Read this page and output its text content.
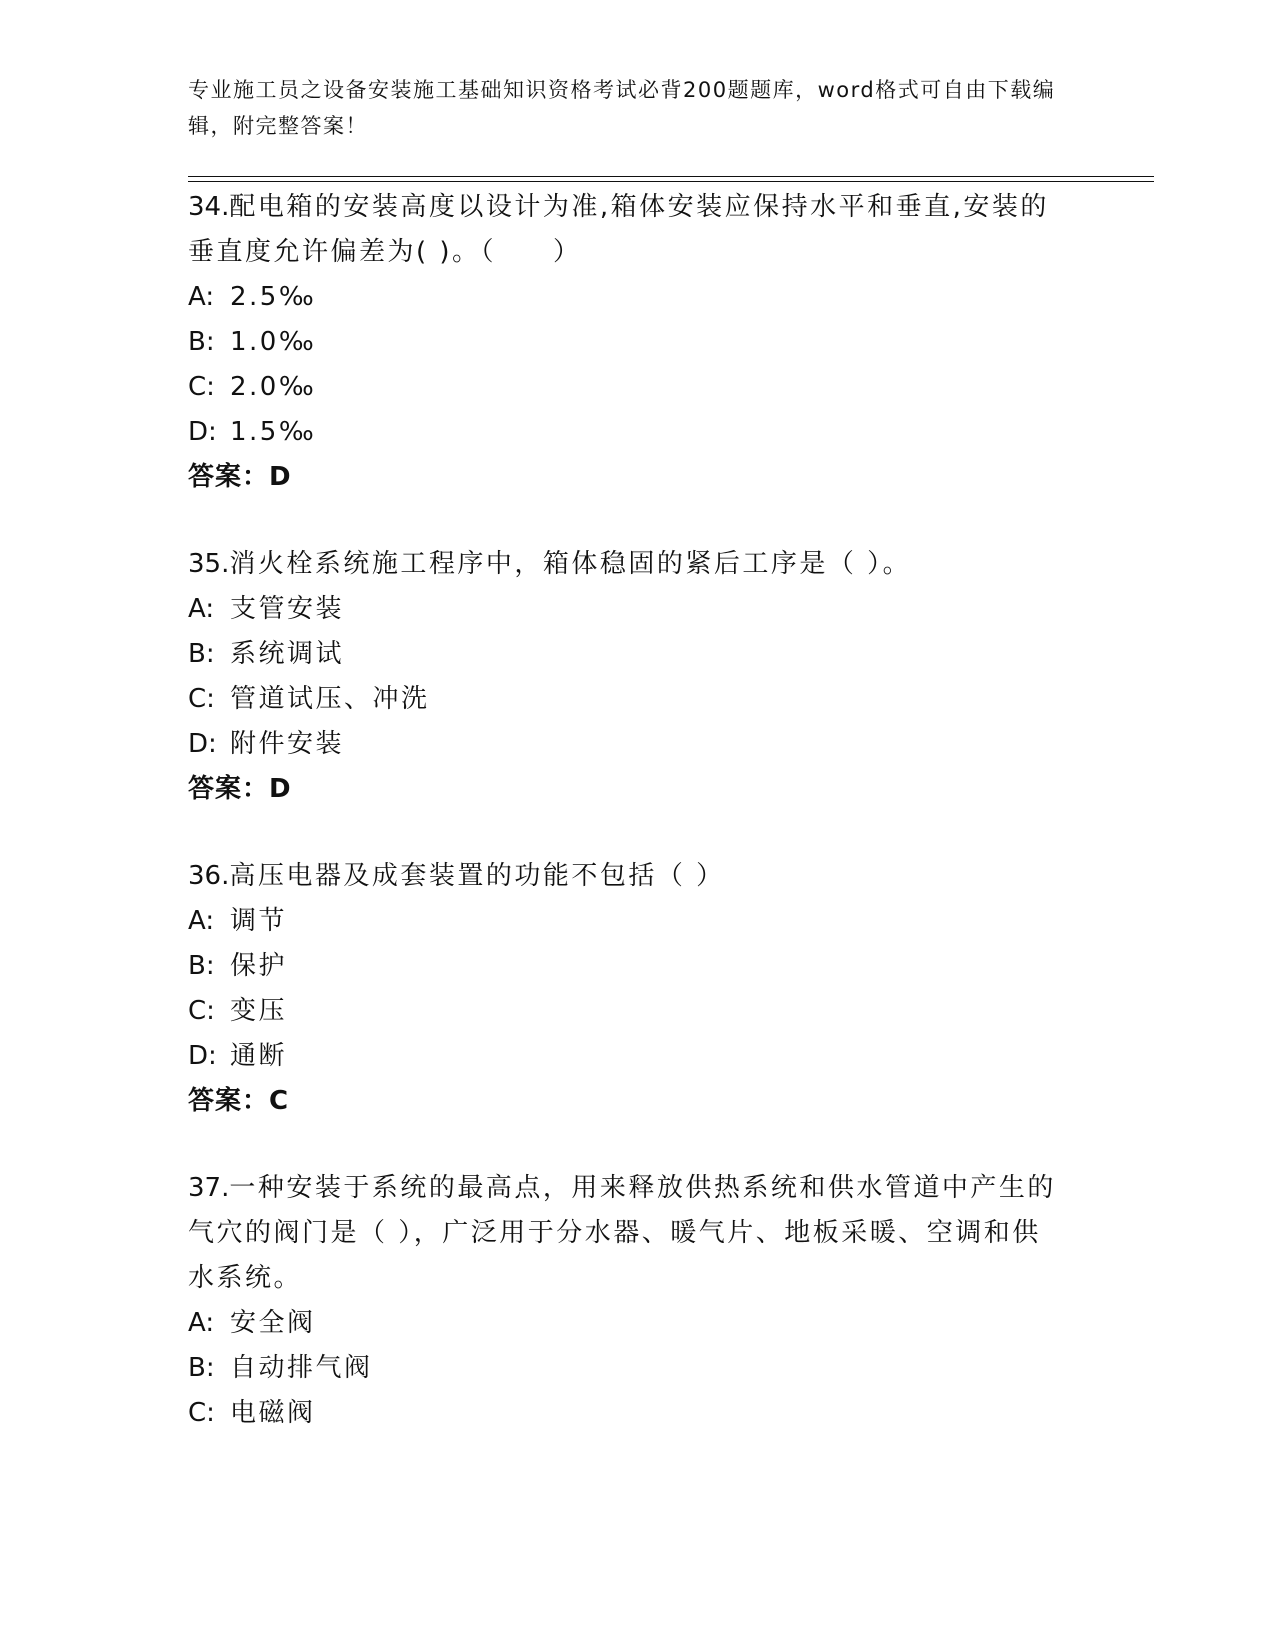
专业施工员之设备安装施工基础知识资格考试必背200题题库，word格式可自由下载编辑，附完整答案！
34.配电箱的安装高度以设计为准,箱体安装应保持水平和垂直,安装的垂直度允许偏差为( )。（　　）
A: 2.5‰
B: 1.0‰
C: 2.0‰
D: 1.5‰
答案：D
35.消火栓系统施工程序中，箱体稳固的紧后工序是（ ）。
A: 支管安装
B: 系统调试
C: 管道试压、冲洗
D: 附件安装
答案：D
36.高压电器及成套装置的功能不包括（ ）
A: 调节
B: 保护
C: 变压
D: 通断
答案：C
37.一种安装于系统的最高点，用来释放供热系统和供水管道中产生的气穴的阀门是（ ），广泛用于分水器、暖气片、地板采暖、空调和供水系统。
A: 安全阀
B: 自动排气阀
C: 电磁阀
